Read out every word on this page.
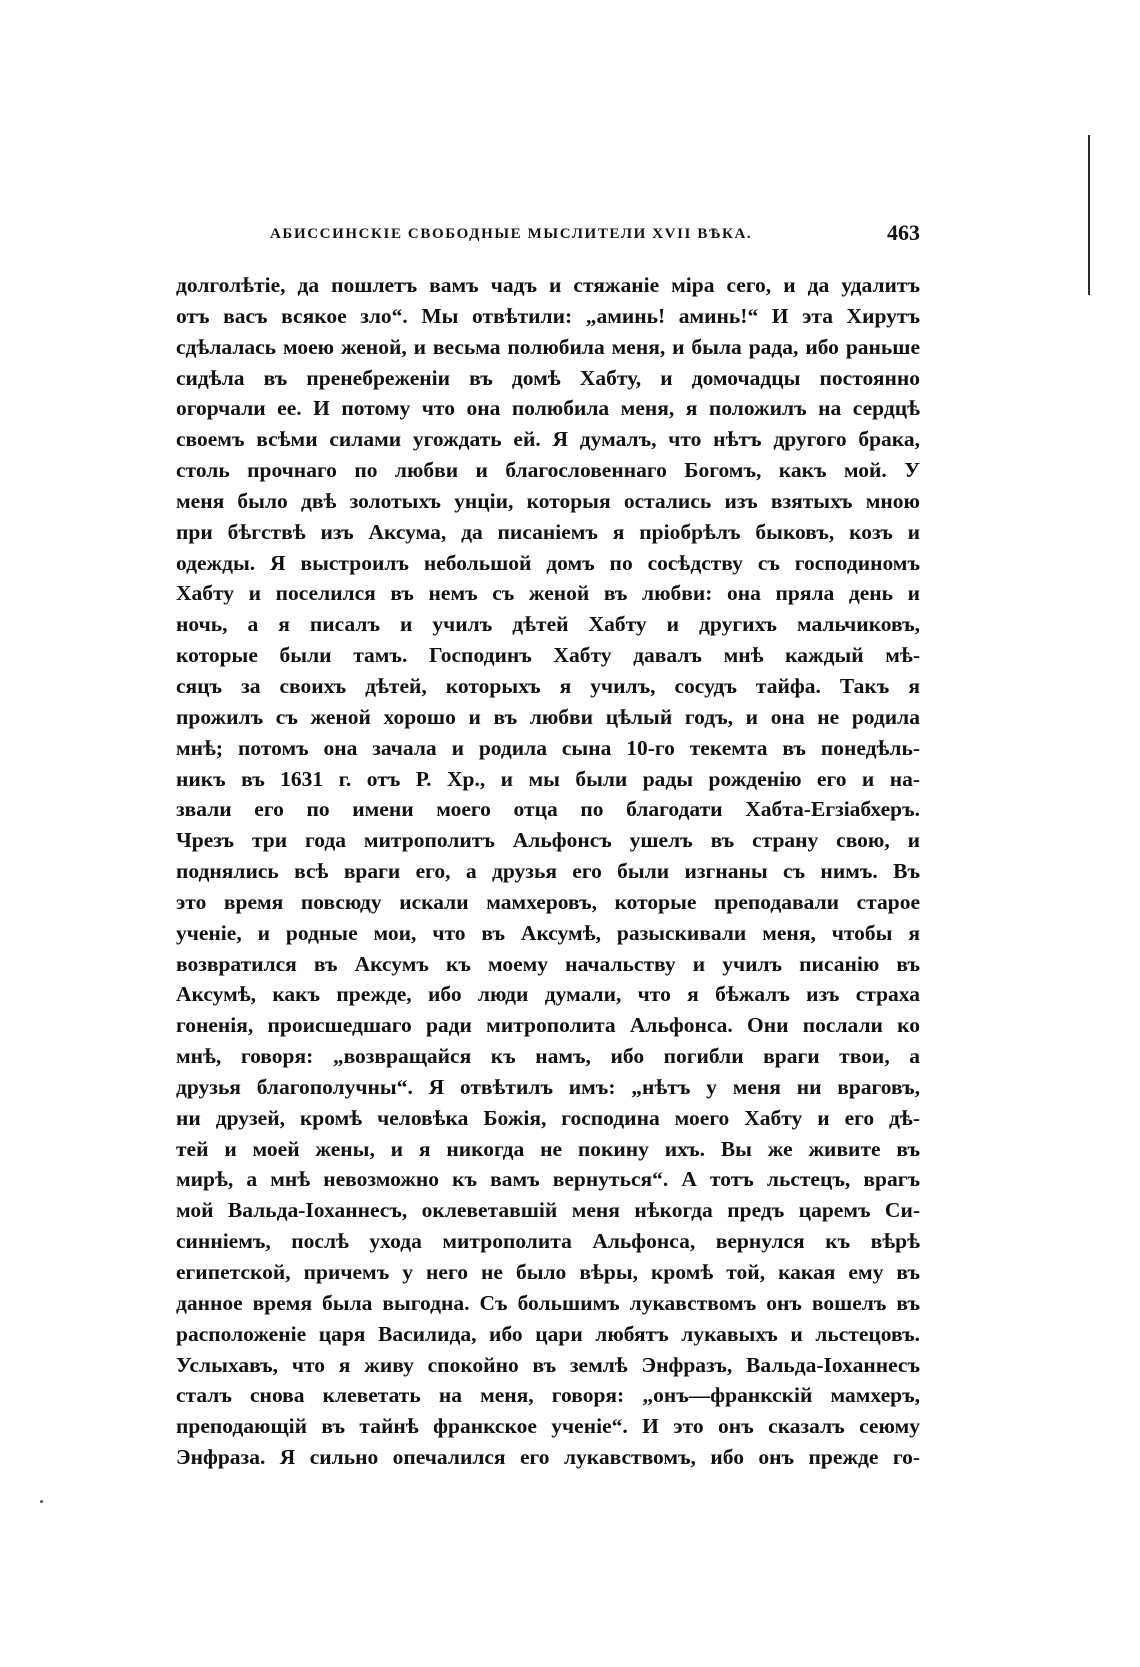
АБИССИНСКІЕ СВОБОДНЫЕ МЫСЛИТЕЛИ XVII ВѢКА.	463
долголѣтіе, да пошлетъ вамъ чадъ и стяжаніе міра сего, и да удалитъ
отъ васъ всякое зло“. Мы отвѣтили: „аминь! аминь!“ И эта Хирутъ
сдѣлалась моею женой, и весьма полюбила меня, и была рада, ибо раньше
сидѣла въ пренебреженіи въ домѣ Хабту, и домочадцы постоянно
огорчали ее. И потому что она полюбила меня, я положилъ на сердцѣ
своемъ всѣми силами угождать ей. Я думалъ, что нѣтъ другого брака,
столь прочнаго по любви и благословеннаго Богомъ, какъ мой. У
меня было двѣ золотыхъ унціи, которыя остались изъ взятыхъ мною
при бѣгствѣ изъ Аксума, да писаніемъ я пріобрѣлъ быковъ, козъ и
одежды. Я выстроилъ небольшой домъ по сосѣдству съ господиномъ
Хабту и поселился въ немъ съ женой въ любви: она пряла день и
ночь, а я писалъ и училъ дѣтей Хабту и другихъ мальчиковъ,
которые были тамъ. Господинъ Хабту давалъ мнѣ каждый мѣ-
сяцъ за своихъ дѣтей, которыхъ я училъ, сосудъ тайфа. Такъ я
прожилъ съ женой хорошо и въ любви цѣлый годъ, и она не родила
мнѣ; потомъ она зачала и родила сына 10-го текемта въ понедѣль-
никъ въ 1631 г. отъ Р. Хр., и мы были рады рожденію его и на-
звали его по имени моего отца по благодати Хабта-Егзіабхеръ.
Чрезъ три года митрополитъ Альфонсъ ушелъ въ страну свою, и
поднялись всѣ враги его, а друзья его были изгнаны съ нимъ. Въ
это время повсюду искали мамхеровъ, которые преподавали старое
ученіе, и родные мои, что въ Аксумѣ, разыскивали меня, чтобы я
возвратился въ Аксумъ къ моему начальству и училъ писанію въ
Аксумѣ, какъ прежде, ибо люди думали, что я бѣжалъ изъ страха
гоненія, происшедшаго ради митрополита Альфонса. Они послали ко
мнѣ, говоря: „возвращайся къ намъ, ибо погибли враги твои, а
друзья благополучны“. Я отвѣтилъ имъ: „нѣтъ у меня ни враговъ,
ни друзей, кромѣ человѣка Божія, господина моего Хабту и его дѣ-
тей и моей жены, и я никогда не покину ихъ. Вы же живите въ
мирѣ, а мнѣ невозможно къ вамъ вернуться“. А тотъ льстецъ, врагъ
мой Вальда-Іоханнесъ, оклеветавшій меня нѣкогда предъ царемъ Си-
синніемъ, послѣ ухода митрополита Альфонса, вернулся къ вѣрѣ
египетской, причемъ у него не было вѣры, кромѣ той, какая ему въ
данное время была выгодна. Съ большимъ лукавствомъ онъ вошелъ въ
расположеніе царя Василида, ибо цари любятъ лукавыхъ и льстецовъ.
Услыхавъ, что я живу спокойно въ землѣ Энфразъ, Вальда-Іоханнесъ
сталъ снова клеветать на меня, говоря: „онъ—франкскій мамхеръ,
преподающій въ тайнѣ франкское ученіе“. И это онъ сказалъ сеюму
Энфраза. Я сильно опечалился его лукавствомъ, ибо онъ прежде го-
